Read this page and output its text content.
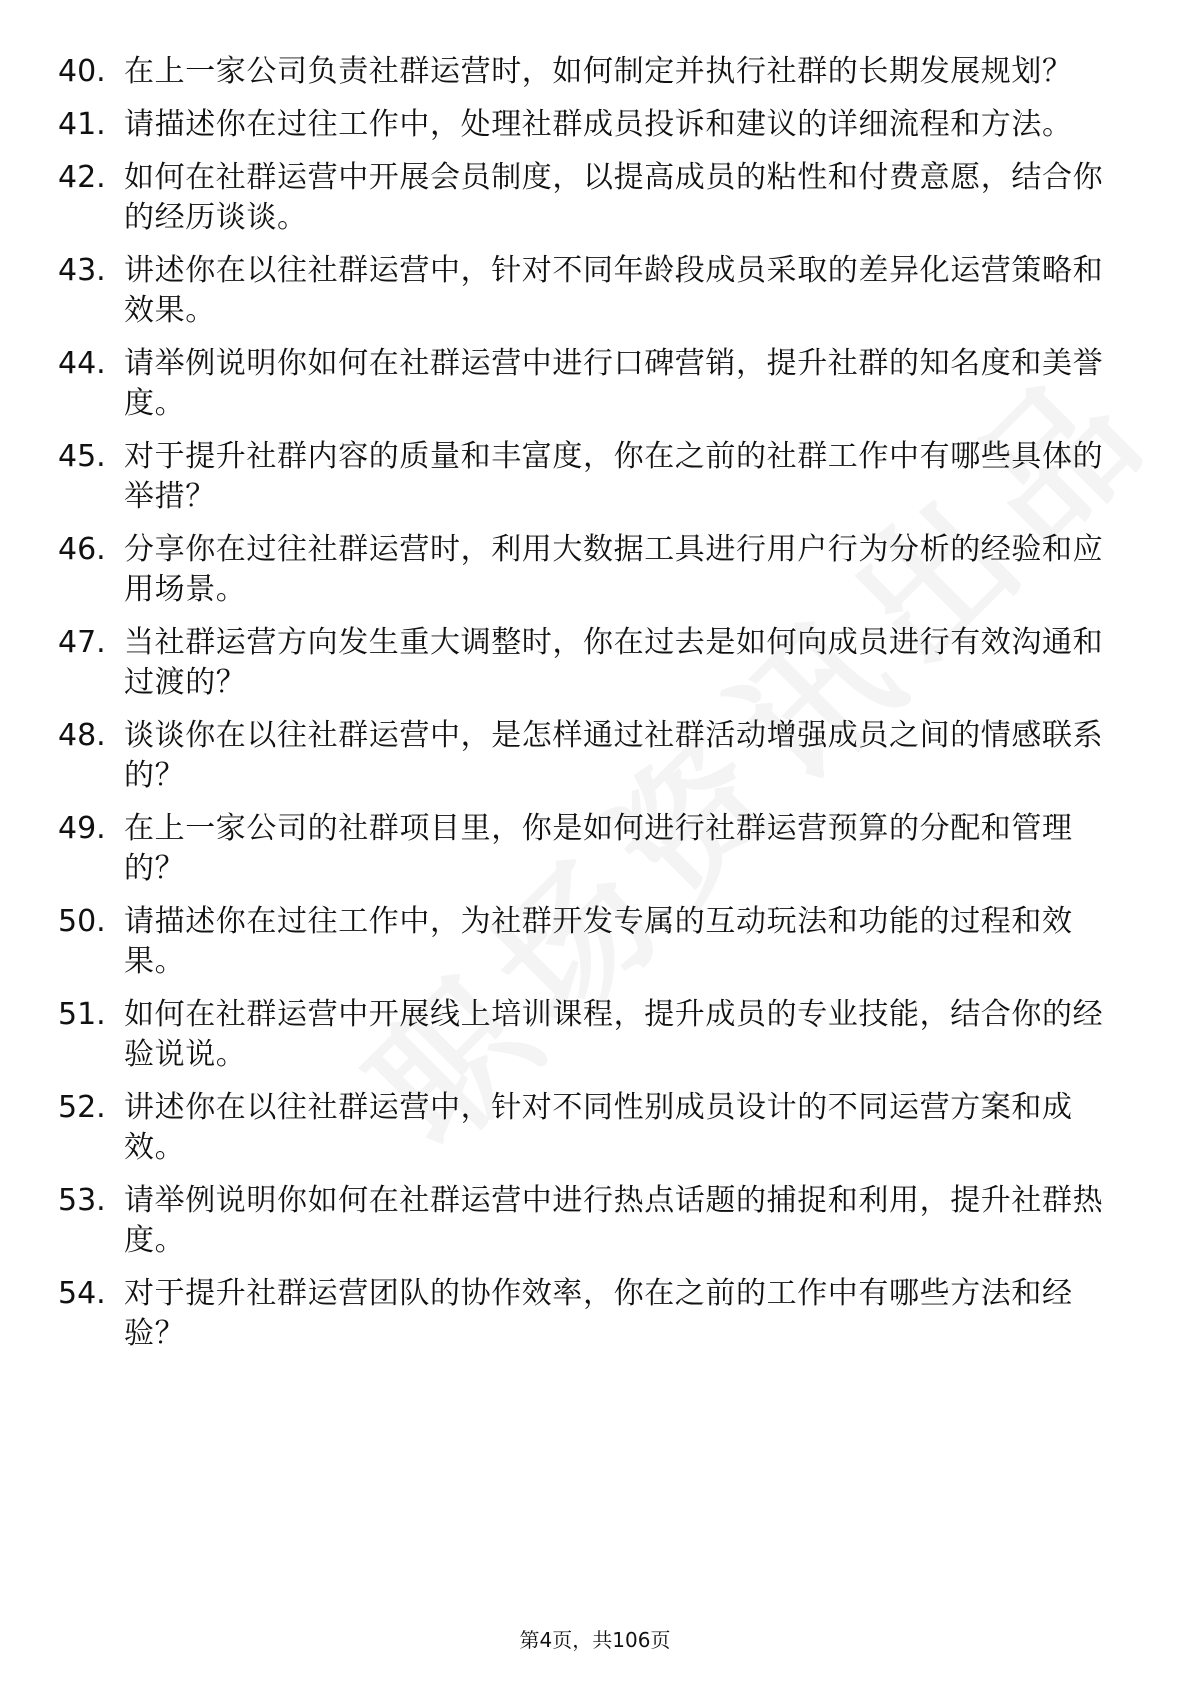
40. 在上一家公司负责社群运营时，如何制定并执行社群的长期发展规划？
41. 请描述你在过往工作中，处理社群成员投诉和建议的详细流程和方法。
42. 如何在社群运营中开展会员制度，以提高成员的粘性和付费意愿，结合你的经历谈谈。
43. 讲述你在以往社群运营中，针对不同年龄段成员采取的差异化运营策略和效果。
44. 请举例说明你如何在社群运营中进行口碑营销，提升社群的知名度和美誉度。
45. 对于提升社群内容的质量和丰富度，你在之前的社群工作中有哪些具体的举措？
46. 分享你在过往社群运营时，利用大数据工具进行用户行为分析的经验和应用场景。
47. 当社群运营方向发生重大调整时，你在过去是如何向成员进行有效沟通和过渡的？
48. 谈谈你在以往社群运营中，是怎样通过社群活动增强成员之间的情感联系的？
49. 在上一家公司的社群项目里，你是如何进行社群运营预算的分配和管理的？
50. 请描述你在过往工作中，为社群开发专属的互动玩法和功能的过程和效果。
51. 如何在社群运营中开展线上培训课程，提升成员的专业技能，结合你的经验说说。
52. 讲述你在以往社群运营中，针对不同性别成员设计的不同运营方案和成效。
53. 请举例说明你如何在社群运营中进行热点话题的捕捉和利用，提升社群热度。
54. 对于提升社群运营团队的协作效率，你在之前的工作中有哪些方法和经验？
第4页，共106页
